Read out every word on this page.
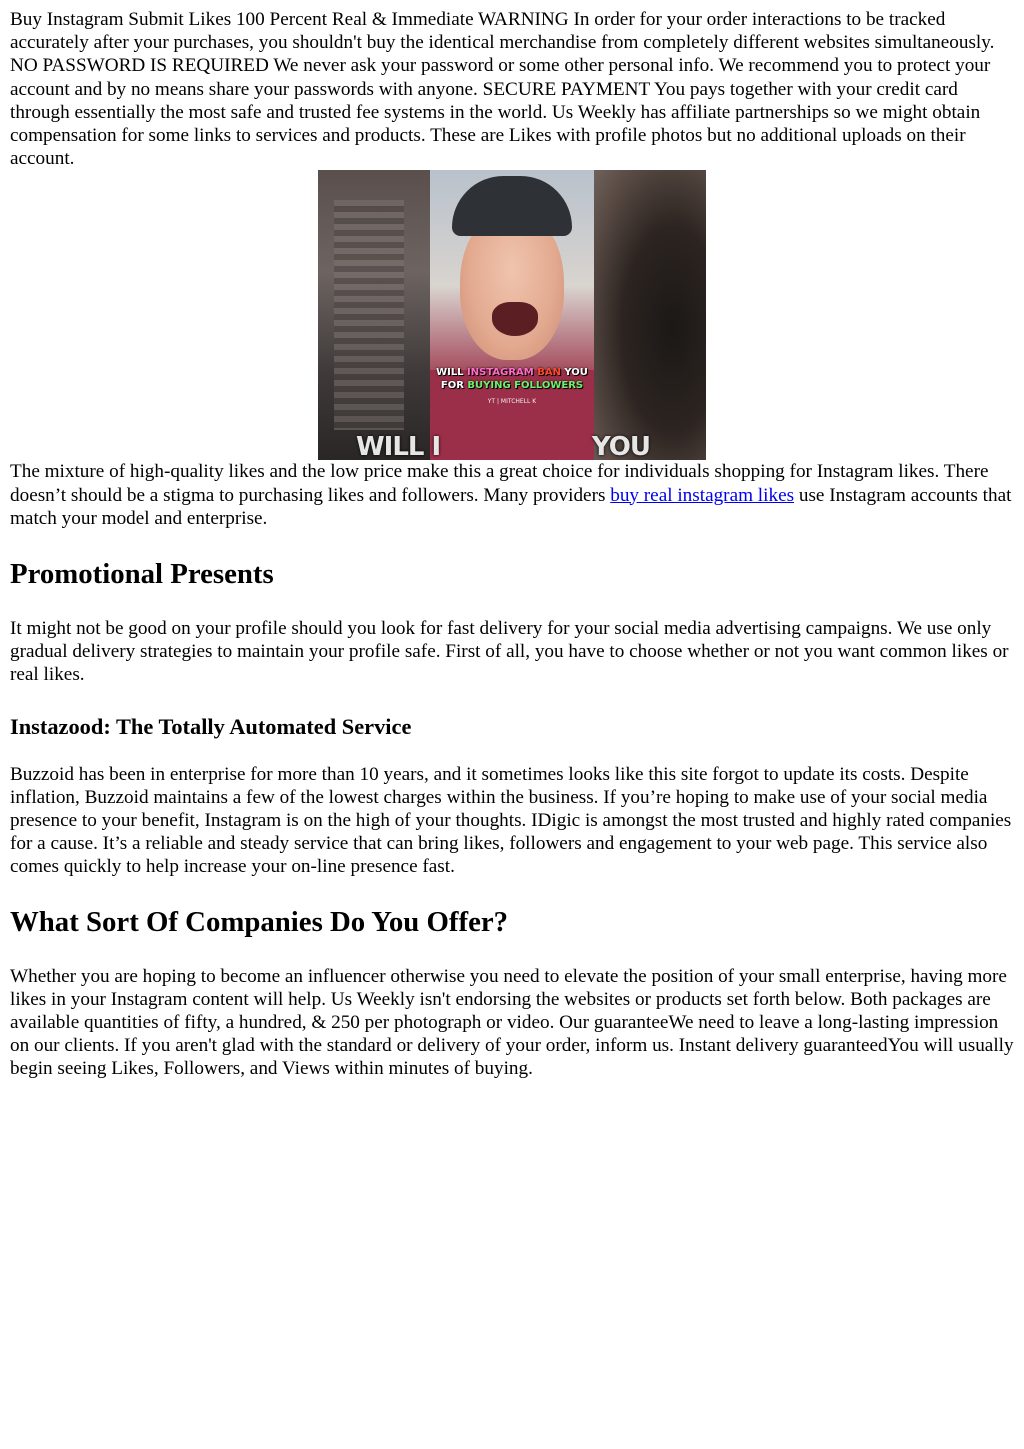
Buy Instagram Submit Likes 100 Percent Real & Immediate WARNING In order for your order interactions to be tracked accurately after your purchases, you shouldn't buy the identical merchandise from completely different websites simultaneously. NO PASSWORD IS REQUIRED We never ask your password or some other personal info. We recommend you to protect your account and by no means share your passwords with anyone. SECURE PAYMENT You pays together with your credit card through essentially the most safe and trusted fee systems in the world. Us Weekly has affiliate partnerships so we might obtain compensation for some links to services and products. These are Likes with profile photos but no additional uploads on their account.

WILL INSTAGRAM BAN YOU
FOR BUYING FOLLOWERS
YT | MITCHELL K
WILL I	YOU

The mixture of high-quality likes and the low price make this a great choice for individuals shopping for Instagram likes. There doesn’t should be a stigma to purchasing likes and followers. Many providers buy real instagram likes use Instagram accounts that match your model and enterprise.

Promotional Presents

It might not be good on your profile should you look for fast delivery for your social media advertising campaigns. We use only gradual delivery strategies to maintain your profile safe. First of all, you have to choose whether or not you want common likes or real likes.

Instazood: The Totally Automated Service

Buzzoid has been in enterprise for more than 10 years, and it sometimes looks like this site forgot to update its costs. Despite inflation, Buzzoid maintains a few of the lowest charges within the business. If you’re hoping to make use of your social media presence to your benefit, Instagram is on the high of your thoughts. IDigic is amongst the most trusted and highly rated companies for a cause. It’s a reliable and steady service that can bring likes, followers and engagement to your web page. This service also comes quickly to help increase your on-line presence fast.

What Sort Of Companies Do You Offer?

Whether you are hoping to become an influencer otherwise you need to elevate the position of your small enterprise, having more likes in your Instagram content will help. Us Weekly isn't endorsing the websites or products set forth below. Both packages are available quantities of fifty, a hundred, & 250 per photograph or video. Our guaranteeWe need to leave a long-lasting impression on our clients. If you aren't glad with the standard or delivery of your order, inform us. Instant delivery guaranteedYou will usually begin seeing Likes, Followers, and Views within minutes of buying.
